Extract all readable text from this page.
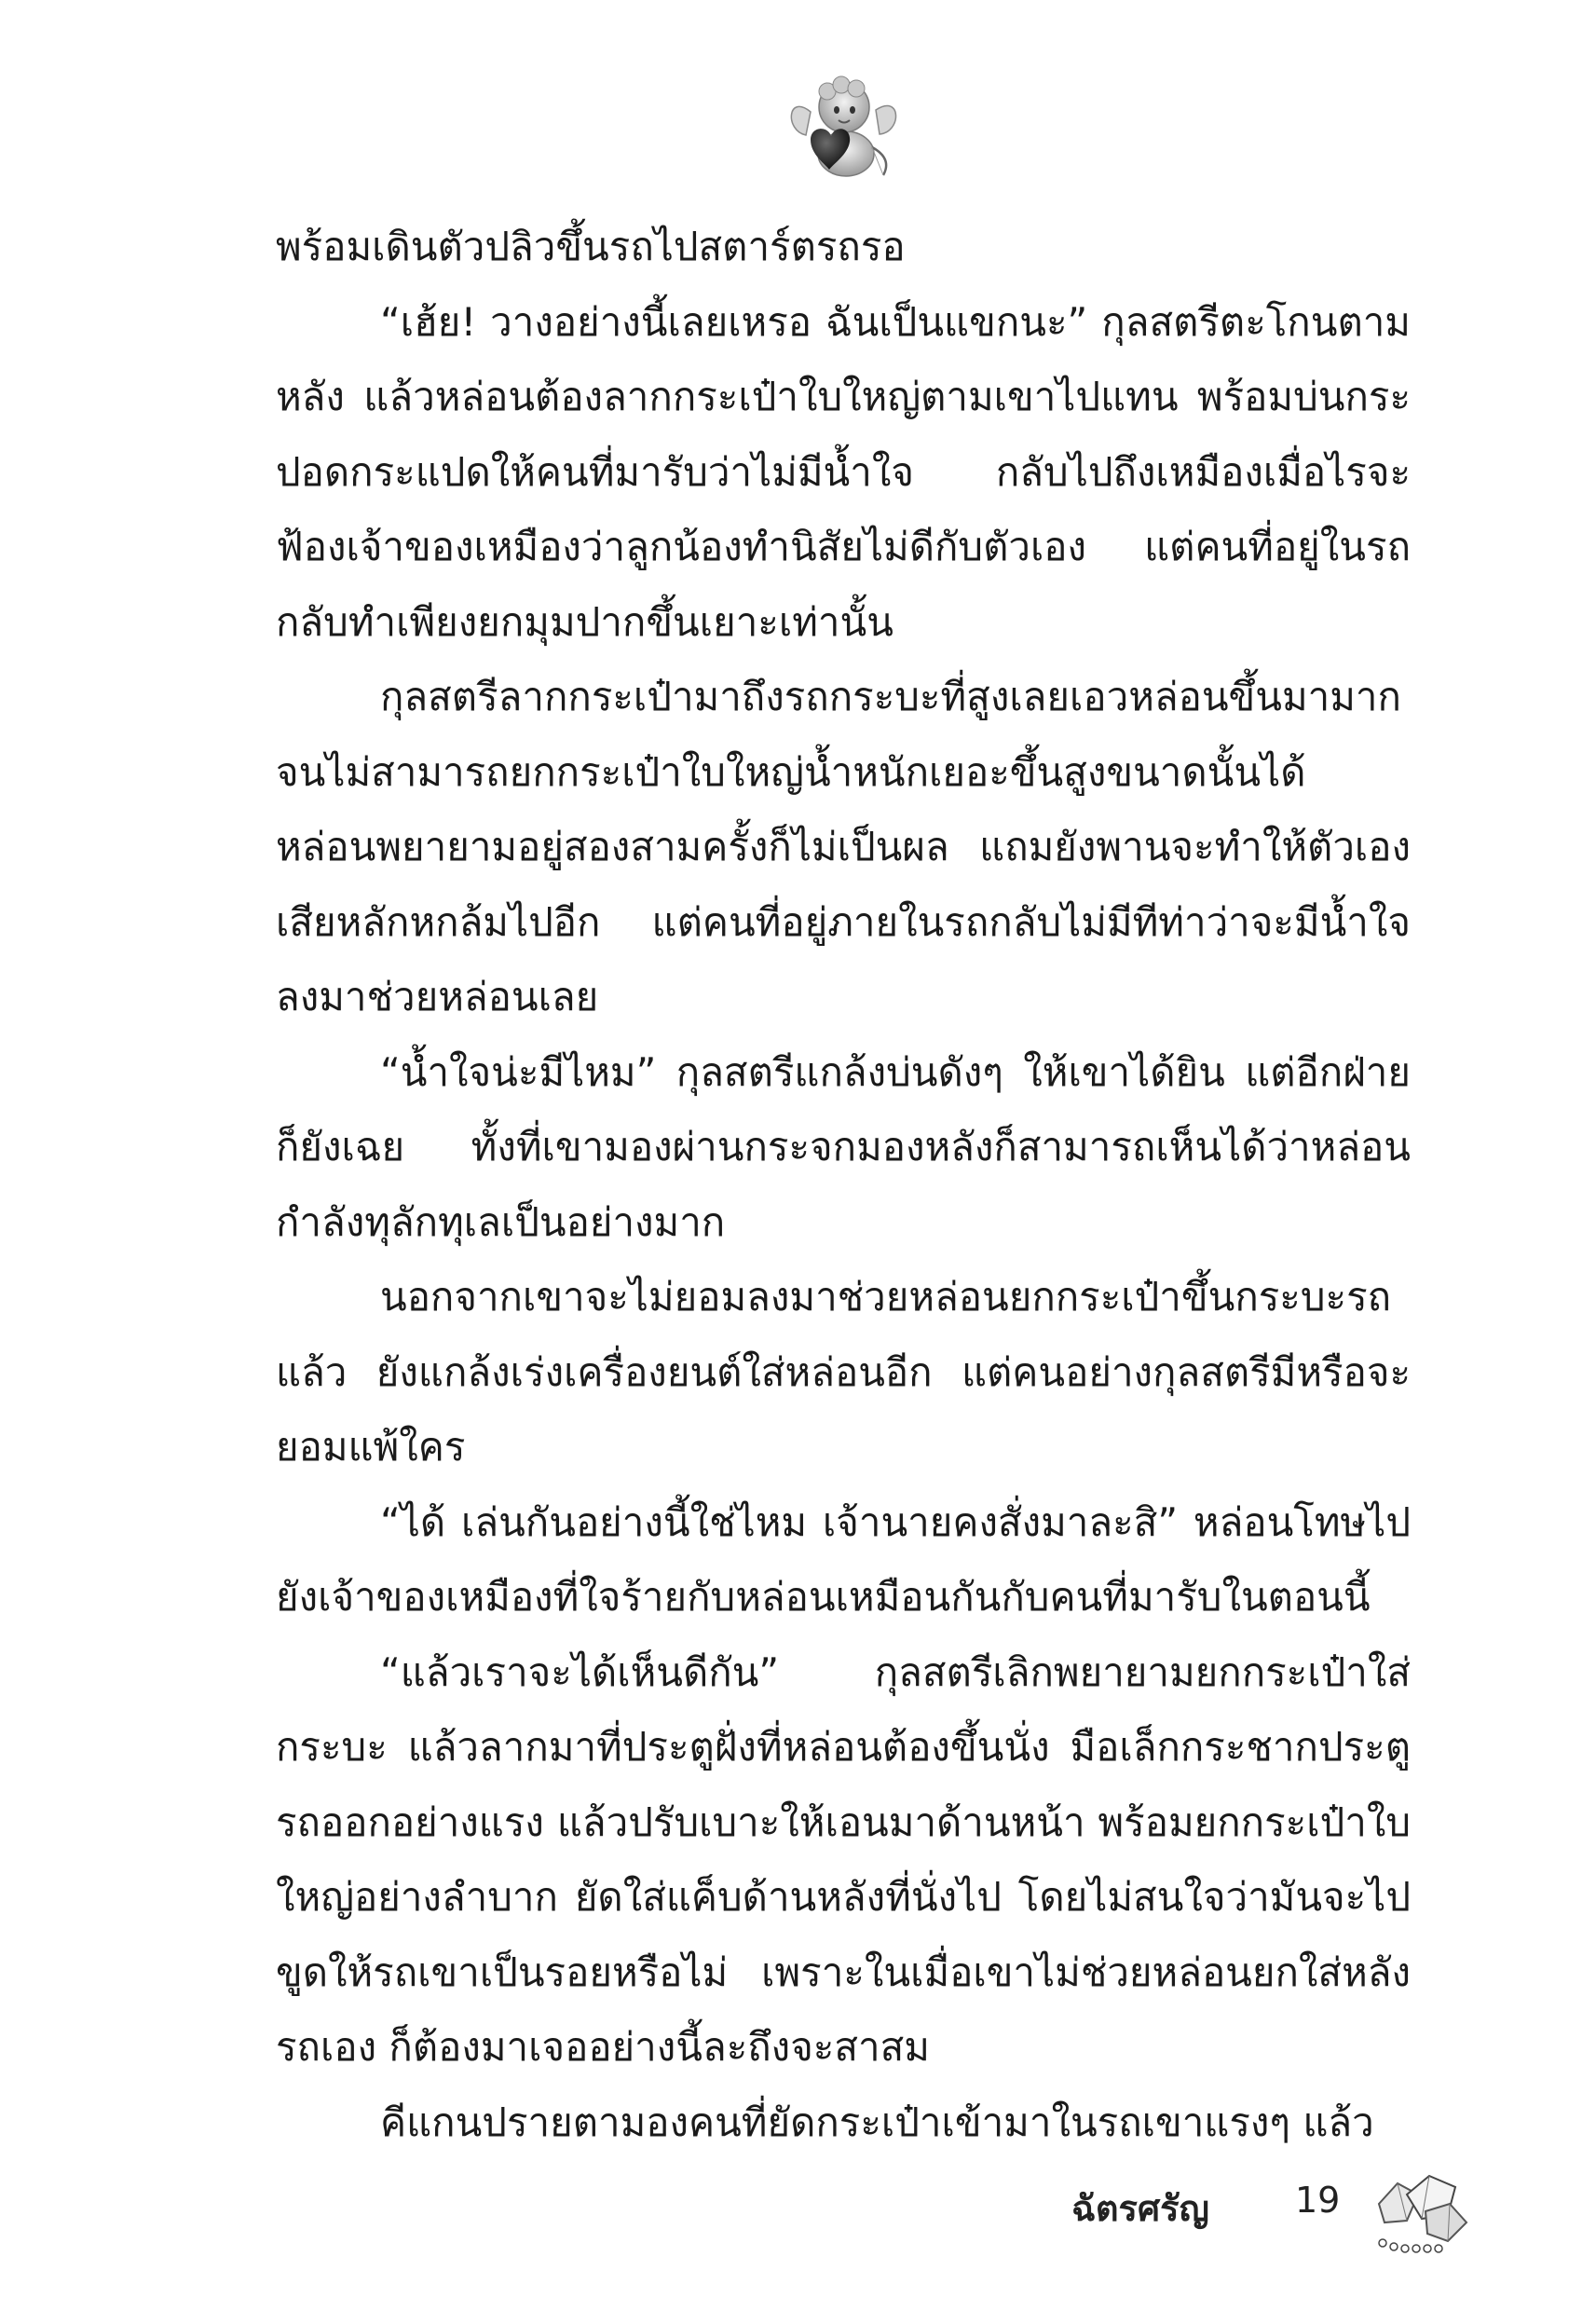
พร้อมเดินตัวปลิวขึ้นรถไปสตาร์ตรถรอ

“เฮ้ย! วางอย่างนี้เลยเหรอ ฉันเป็นแขกนะ” กุลสตรีตะโกนตามหลัง แล้วหล่อนต้องลากกระเป๋าใบใหญ่ตามเขาไปแทน พร้อมบ่นกระปอดกระแปดให้คนที่มารับว่าไม่มีน้ำใจ กลับไปถึงเหมืองเมื่อไรจะฟ้องเจ้าของเหมืองว่าลูกน้องทำนิสัยไม่ดีกับตัวเอง แต่คนที่อยู่ในรถกลับทำเพียงยกมุมปากขึ้นเยาะเท่านั้น

กุลสตรีลากกระเป๋ามาถึงรถกระบะที่สูงเลยเอวหล่อนขึ้นมามาก จนไม่สามารถยกกระเป๋าใบใหญ่น้ำหนักเยอะขึ้นสูงขนาดนั้นได้ หล่อนพยายามอยู่สองสามครั้งก็ไม่เป็นผล แถมยังพานจะทำให้ตัวเองเสียหลักหกล้มไปอีก แต่คนที่อยู่ภายในรถกลับไม่มีทีท่าว่าจะมีน้ำใจลงมาช่วยหล่อนเลย

“น้ำใจน่ะมีไหม” กุลสตรีแกล้งบ่นดังๆ ให้เขาได้ยิน แต่อีกฝ่ายก็ยังเฉย ทั้งที่เขามองผ่านกระจกมองหลังก็สามารถเห็นได้ว่าหล่อนกำลังทุลักทุเลเป็นอย่างมาก

นอกจากเขาจะไม่ยอมลงมาช่วยหล่อนยกกระเป๋าขึ้นกระบะรถแล้ว ยังแกล้งเร่งเครื่องยนต์ใส่หล่อนอีก แต่คนอย่างกุลสตรีมีหรือจะยอมแพ้ใคร

“ได้ เล่นกันอย่างนี้ใช่ไหม เจ้านายคงสั่งมาละสิ” หล่อนโทษไปยังเจ้าของเหมืองที่ใจร้ายกับหล่อนเหมือนกันกับคนที่มารับในตอนนี้

“แล้วเราจะได้เห็นดีกัน” กุลสตรีเลิกพยายามยกกระเป๋าใส่กระบะ แล้วลากมาที่ประตูฝั่งที่หล่อนต้องขึ้นนั่ง มือเล็กกระชากประตูรถออกอย่างแรง แล้วปรับเบาะให้เอนมาด้านหน้า พร้อมยกกระเป๋าใบใหญ่อย่างลำบาก ยัดใส่แค็บด้านหลังที่นั่งไป โดยไม่สนใจว่ามันจะไปขูดให้รถเขาเป็นรอยหรือไม่ เพราะในเมื่อเขาไม่ช่วยหล่อนยกใส่หลังรถเอง ก็ต้องมาเจออย่างนี้ละถึงจะสาสม

คีแกนปรายตามองคนที่ยัดกระเป๋าเข้ามาในรถเขาแรงๆ แล้ว

ฉัตรศรัญ 19
